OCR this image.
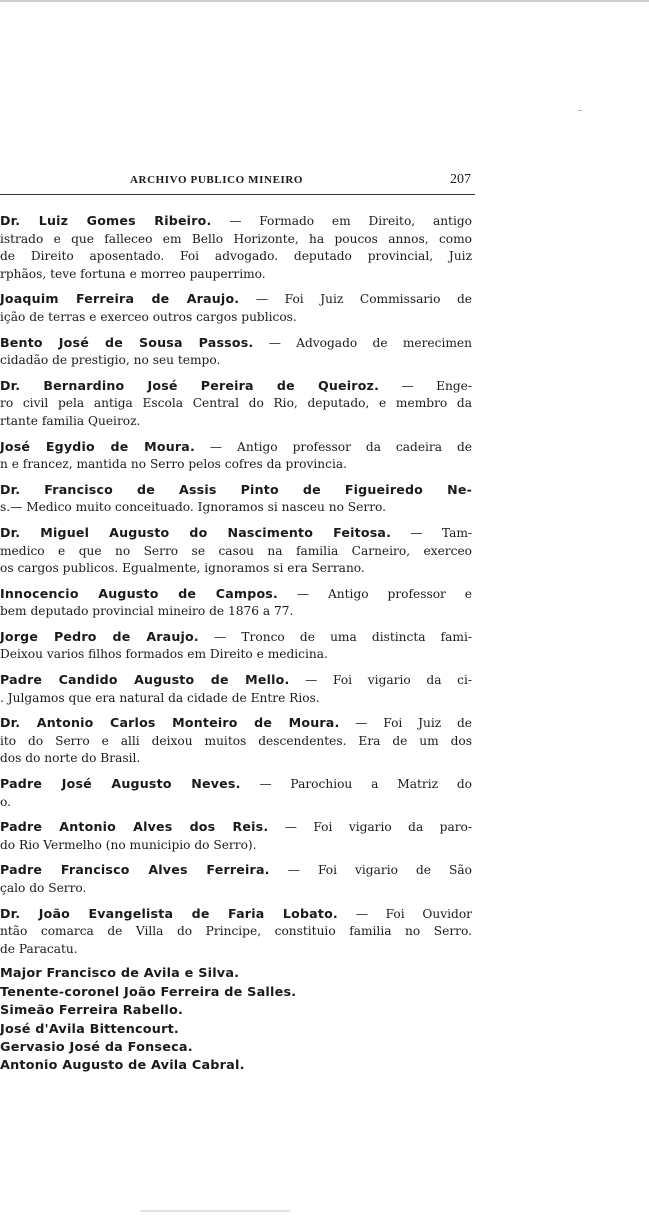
ARCHIVO PUBLICO MINEIRO	207
Dr. Luiz Gomes Ribeiro. — Formado em Direito, antigo
istrado e que falleceo em Bello Horizonte, ha poucos annos, como
de Direito aposentado. Foi advogado. deputado provincial, Juiz
rphãos, teve fortuna e morreo pauperrimo.
Joaquim Ferreira de Araujo. — Foi Juiz Commissario de
ição de terras e exerceo outros cargos publicos.
Bento José de Sousa Passos. — Advogado de merecimen
cidadão de prestigio, no seu tempo.
Dr. Bernardino José Pereira de Queiroz. — Enge-
ro civil pela antiga Escola Central do Rio, deputado, e membro da
rtante familia Queiroz.
José Egydio de Moura. — Antigo professor da cadeira de
n e francez, mantida no Serro pelos cofres da provincia.
Dr. Francisco de Assis Pinto de Figueiredo Ne-
s.— Medico muito conceituado. Ignoramos si nasceu no Serro.
Dr. Miguel Augusto do Nascimento Feitosa. — Tam-
medico e que no Serro se casou na familia Carneiro, exerceo
os cargos publicos. Egualmente, ignoramos si era Serrano.
Innocencio Augusto de Campos. — Antigo professor e
bem deputado provincial mineiro de 1876 a 77.
Jorge Pedro de Araujo. — Tronco de uma distincta fami-
Deixou varios filhos formados em Direito e medicina.
Padre Candido Augusto de Mello. — Foi vigario da ci-
. Julgamos que era natural da cidade de Entre Rios.
Dr. Antonio Carlos Monteiro de Moura. — Foi Juiz de
ito do Serro e alli deixou muitos descendentes. Era de um dos
dos do norte do Brasil.
Padre José Augusto Neves. — Parochiou a Matriz do
o.
Padre Antonio Alves dos Reis. — Foi vigario da paro-
do Rio Vermelho (no municipio do Serro).
Padre Francisco Alves Ferreira. — Foi vigario de São
çalo do Serro.
Dr. João Evangelista de Faria Lobato. — Foi Ouvidor
ntão comarca de Villa do Principe, constituio familia no Serro.
de Paracatu.
Major Francisco de Avila e Silva.
Tenente-coronel João Ferreira de Salles.
Simeão Ferreira Rabello.
José d'Avila Bittencourt.
Gervasio José da Fonseca.
Antonio Augusto de Avila Cabral.
